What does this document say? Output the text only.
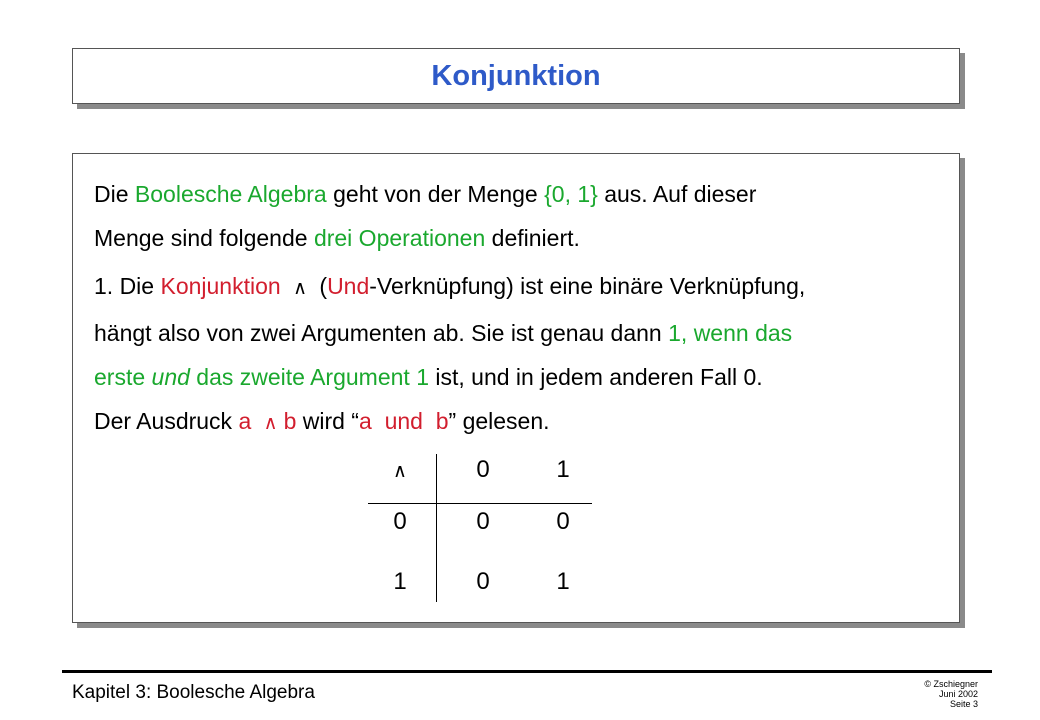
Konjunktion

Die Boolesche Algebra geht von der Menge {0, 1} aus. Auf dieser
Menge sind folgende drei Operationen definiert.

1. Die Konjunktion ∧ (Und-Verknüpfung) ist eine binäre Verknüpfung,
hängt also von zwei Argumenten ab. Sie ist genau dann 1, wenn das
erste und das zweite Argument 1 ist, und in jedem anderen Fall 0.
Der Ausdruck a ∧ b wird “a und b” gelesen.

∧	0	1
0	0	0
1	0	1

Kapitel 3: Boolesche Algebra	© Zschiegner
Juni 2002
Seite 3
